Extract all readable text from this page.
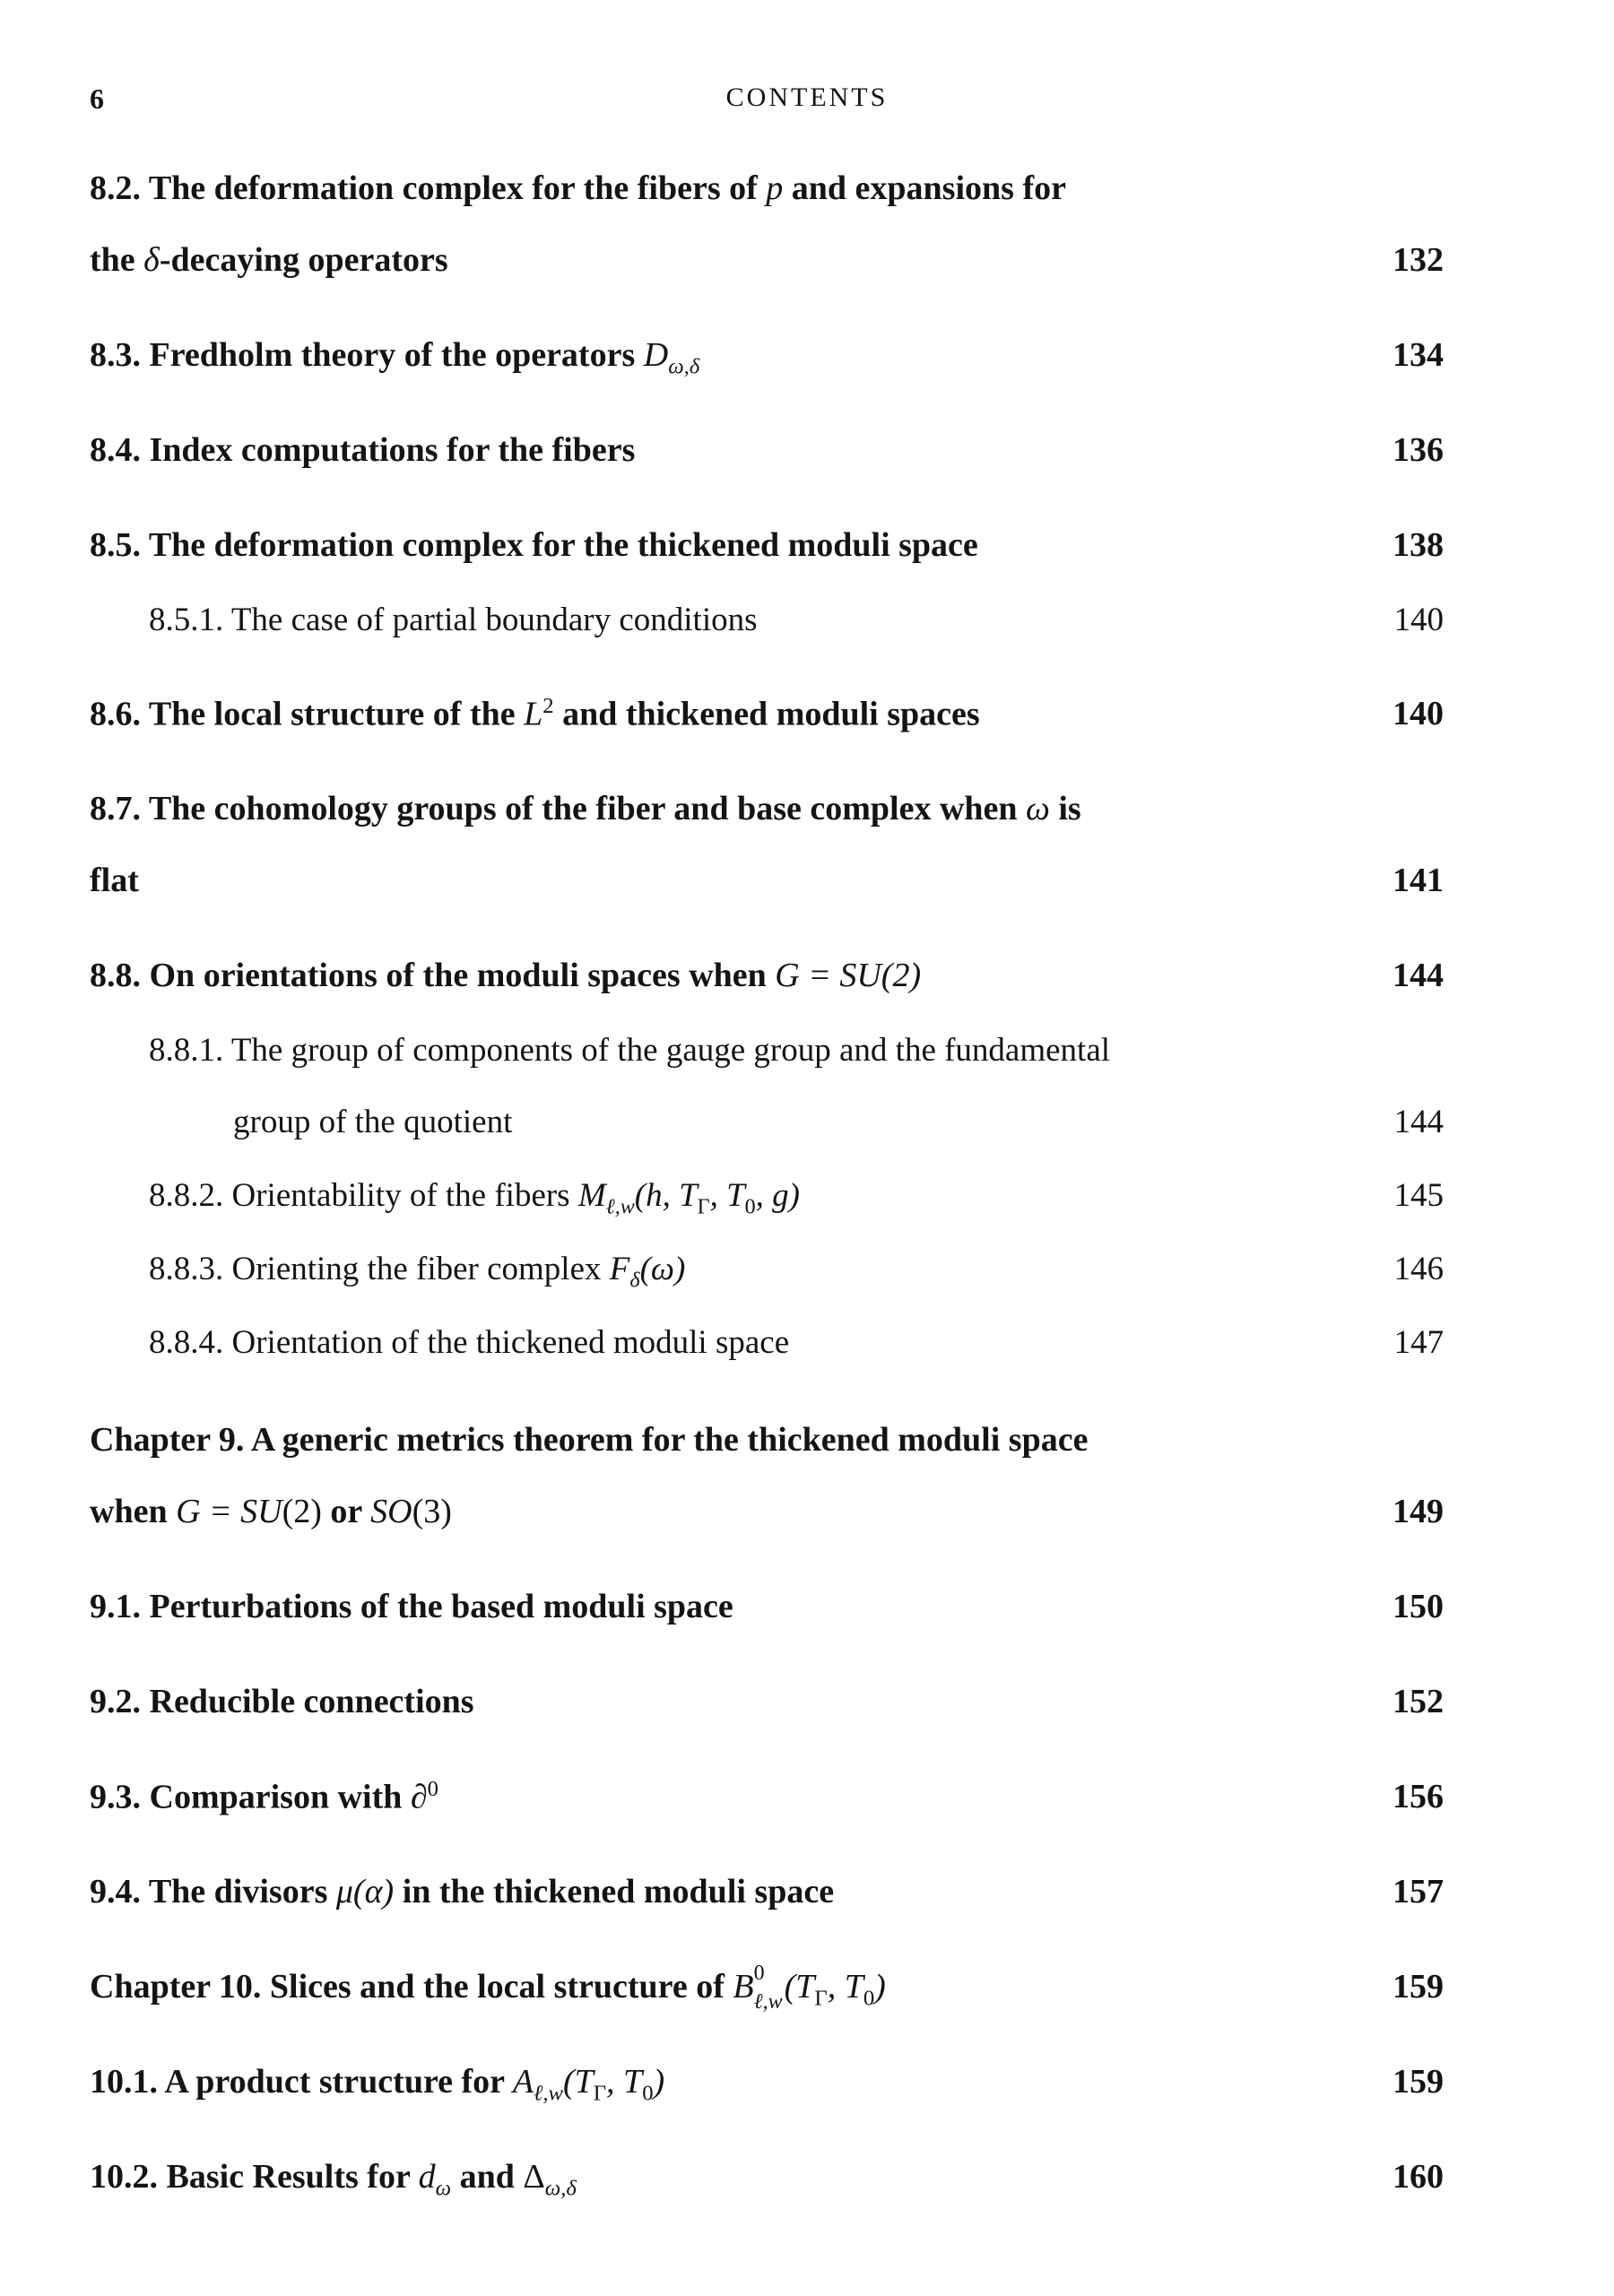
6	CONTENTS
8.2. The deformation complex for the fibers of p and expansions for
the δ-decaying operators	132
8.3. Fredholm theory of the operators $D_{\omega,\delta}$	134
8.4. Index computations for the fibers	136
8.5. The deformation complex for the thickened moduli space	138
8.5.1. The case of partial boundary conditions	140
8.6. The local structure of the $L^2$ and thickened moduli spaces	140
8.7. The cohomology groups of the fiber and base complex when ω is
flat	141
8.8. On orientations of the moduli spaces when G = SU(2)	144
8.8.1. The group of components of the gauge group and the fundamental
group of the quotient	144
8.8.2. Orientability of the fibers $M_{\ell,w}(h$, $T_\Gamma$, $T_0$, g)	145
8.8.3. Orienting the fiber complex $F_\delta(\omega)$	146
8.8.4. Orientation of the thickened moduli space	147
Chapter 9. A generic metrics theorem for the thickened moduli space
when G = SU(2) or SO(3)	149
9.1. Perturbations of the based moduli space	150
9.2. Reducible connections	152
9.3. Comparison with ∂$^0$	156
9.4. The divisors μ(α) in the thickened moduli space	157
Chapter 10. Slices and the local structure of B 0
ℓ,w ($T_\Gamma$, $T_0$)	159
10.1. A product structure for $A_{\ell,w}(T_\Gamma$, $T_0$)	159
10.2. Basic Results for $d_\omega$ and $\Delta_{\omega,\delta}$	160
